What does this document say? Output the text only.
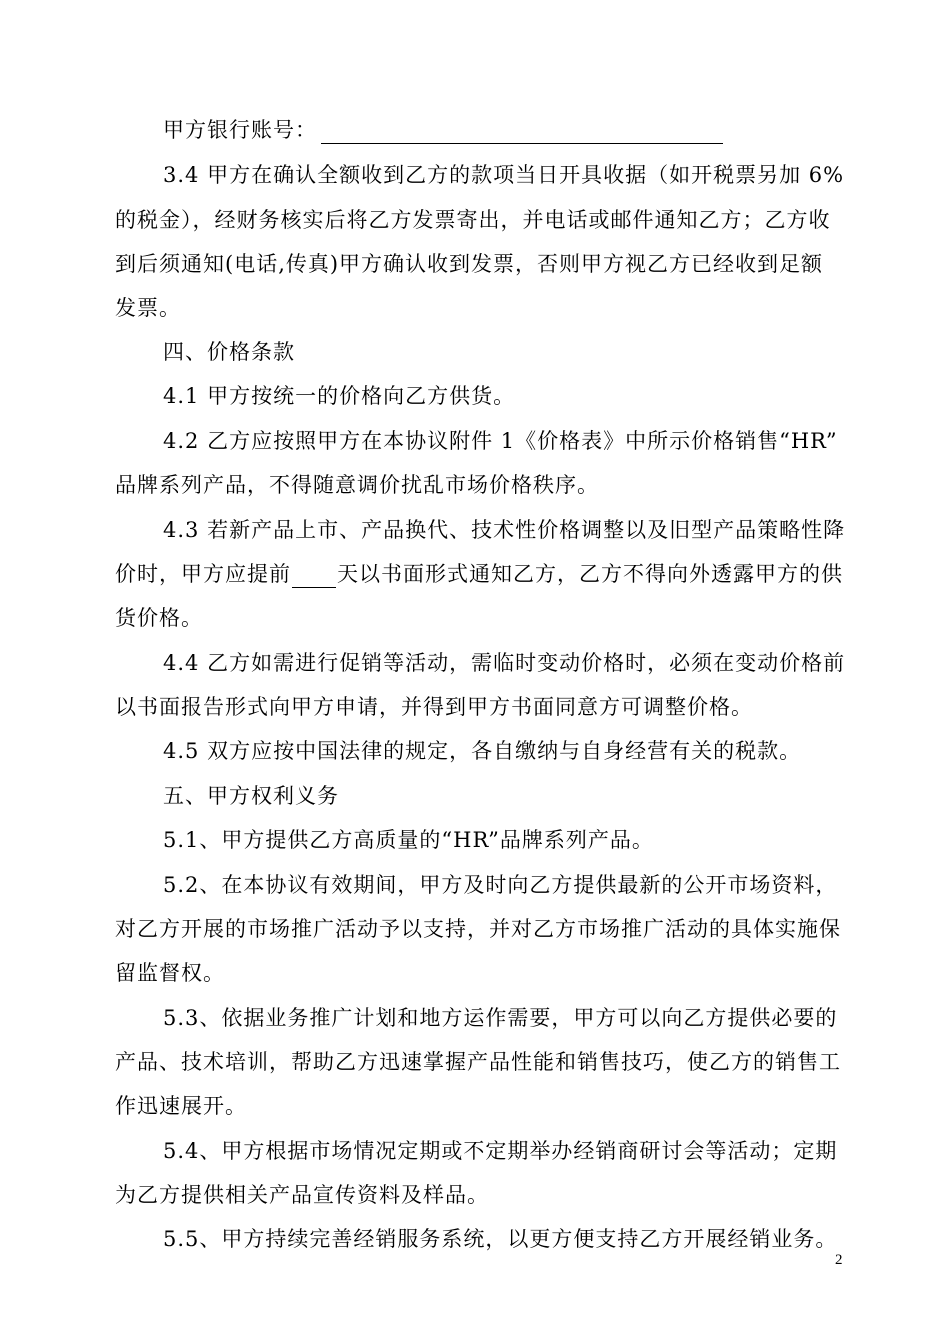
甲方银行账号：
3.4 甲方在确认全额收到乙方的款项当日开具收据（如开税票另加 6%
的税金），经财务核实后将乙方发票寄出，并电话或邮件通知乙方；乙方收
到后须通知(电话,传真)甲方确认收到发票，否则甲方视乙方已经收到足额
发票。
四、价格条款
4.1 甲方按统一的价格向乙方供货。
4.2 乙方应按照甲方在本协议附件 1《价格表》中所示价格销售“HR”
品牌系列产品，不得随意调价扰乱市场价格秩序。
4.3 若新产品上市、产品换代、技术性价格调整以及旧型产品策略性降
价时，甲方应提前 天以书面形式通知乙方，乙方不得向外透露甲方的供
货价格。
4.4 乙方如需进行促销等活动，需临时变动价格时，必须在变动价格前
以书面报告形式向甲方申请，并得到甲方书面同意方可调整价格。
4.5 双方应按中国法律的规定，各自缴纳与自身经营有关的税款。
五、甲方权利义务
5.1、甲方提供乙方高质量的“HR”品牌系列产品。
5.2、在本协议有效期间，甲方及时向乙方提供最新的公开市场资料，
对乙方开展的市场推广活动予以支持，并对乙方市场推广活动的具体实施保
留监督权。
5.3、依据业务推广计划和地方运作需要，甲方可以向乙方提供必要的
产品、技术培训，帮助乙方迅速掌握产品性能和销售技巧，使乙方的销售工
作迅速展开。
5.4、甲方根据市场情况定期或不定期举办经销商研讨会等活动；定期
为乙方提供相关产品宣传资料及样品。
5.5、甲方持续完善经销服务系统，以更方便支持乙方开展经销业务。
2
